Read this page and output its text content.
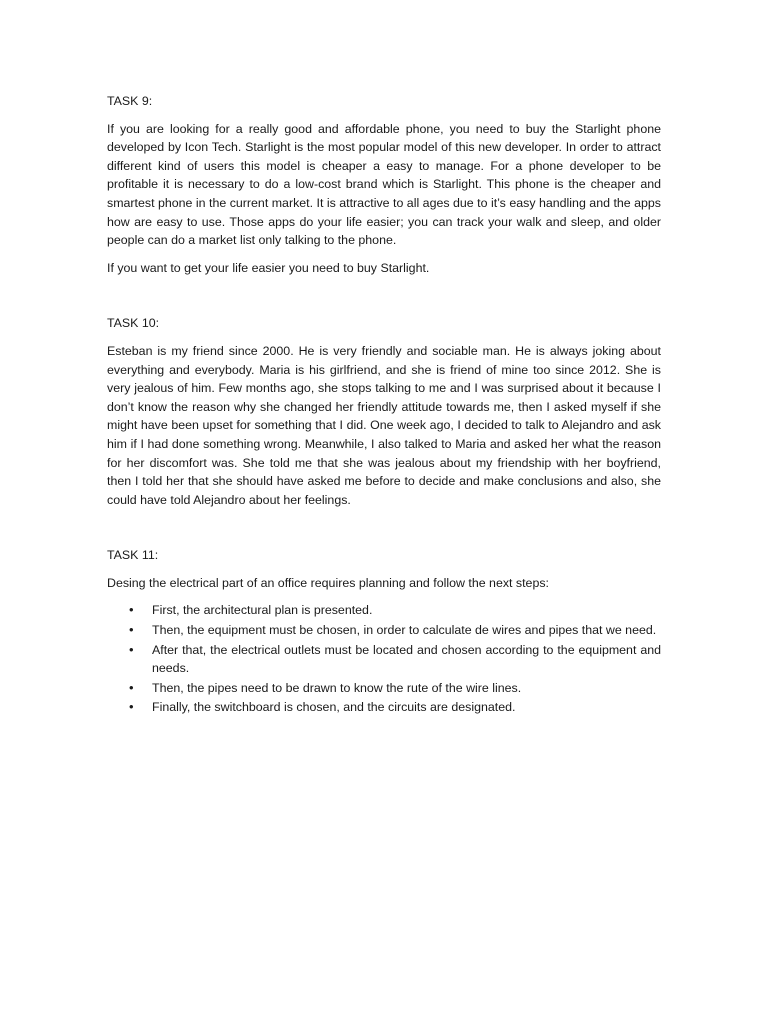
TASK 9:

If you are looking for a really good and affordable phone, you need to buy the Starlight phone developed by Icon Tech. Starlight is the most popular model of this new developer. In order to attract different kind of users this model is cheaper a easy to manage. For a phone developer to be profitable it is necessary to do a low-cost brand which is Starlight. This phone is the cheaper and smartest phone in the current market. It is attractive to all ages due to it’s easy handling and the apps how are easy to use. Those apps do your life easier; you can track your walk and sleep, and older people can do a market list only talking to the phone.

If you want to get your life easier you need to buy Starlight.

TASK 10:

Esteban is my friend since 2000. He is very friendly and sociable man. He is always joking about everything and everybody. Maria is his girlfriend, and she is friend of mine too since 2012. She is very jealous of him. Few months ago, she stops talking to me and I was surprised about it because I don’t know the reason why she changed her friendly attitude towards me, then I asked myself if she might have been upset for something that I did. One week ago, I decided to talk to Alejandro and ask him if I had done something wrong. Meanwhile, I also talked to Maria and asked her what the reason for her discomfort was. She told me that she was jealous about my friendship with her boyfriend, then I told her that she should have asked me before to decide and make conclusions and also, she could have told Alejandro about her feelings.

TASK 11:

Desing the electrical part of an office requires planning and follow the next steps:

• First, the architectural plan is presented.
• Then, the equipment must be chosen, in order to calculate de wires and pipes that we need.
• After that, the electrical outlets must be located and chosen according to the equipment and needs.
• Then, the pipes need to be drawn to know the rute of the wire lines.
• Finally, the switchboard is chosen, and the circuits are designated.
